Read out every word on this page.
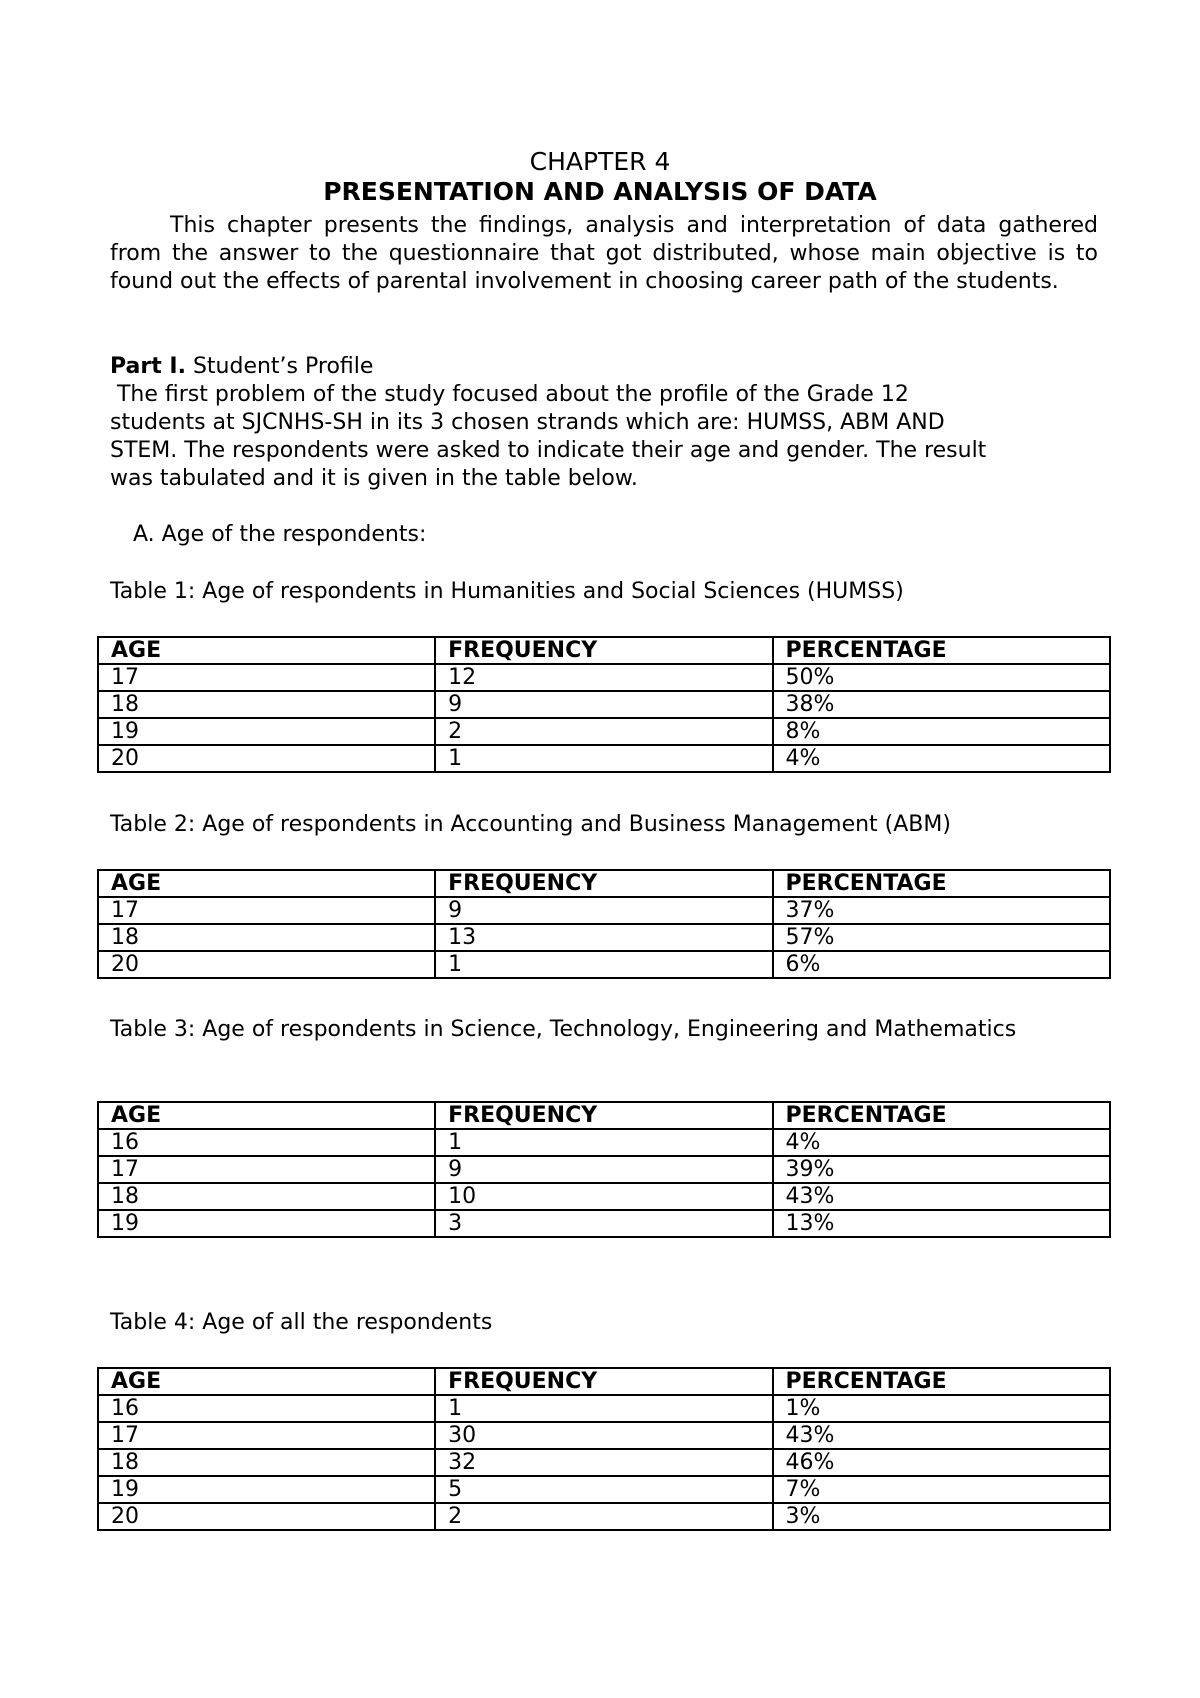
CHAPTER 4
PRESENTATION AND ANALYSIS OF DATA

This chapter presents the findings, analysis and interpretation of data gathered from the answer to the questionnaire that got distributed, whose main objective is to found out the effects of parental involvement in choosing career path of the students.

Part I. Student’s Profile

The first problem of the study focused about the profile of the Grade 12
students at SJCNHS-SH in its 3 chosen strands which are: HUMSS, ABM AND
STEM. The respondents were asked to indicate their age and gender. The result
was tabulated and it is given in the table below.

A. Age of the respondents:

Table 1: Age of respondents in Humanities and Social Sciences (HUMSS)

AGE	FREQUENCY	PERCENTAGE
17	12	50%
18	9	38%
19	2	8%
20	1	4%

Table 2: Age of respondents in Accounting and Business Management (ABM)

AGE	FREQUENCY	PERCENTAGE
17	9	37%
18	13	57%
20	1	6%

Table 3: Age of respondents in Science, Technology, Engineering and Mathematics

AGE	FREQUENCY	PERCENTAGE
16	1	4%
17	9	39%
18	10	43%
19	3	13%

Table 4: Age of all the respondents

AGE	FREQUENCY	PERCENTAGE
16	1	1%
17	30	43%
18	32	46%
19	5	7%
20	2	3%
